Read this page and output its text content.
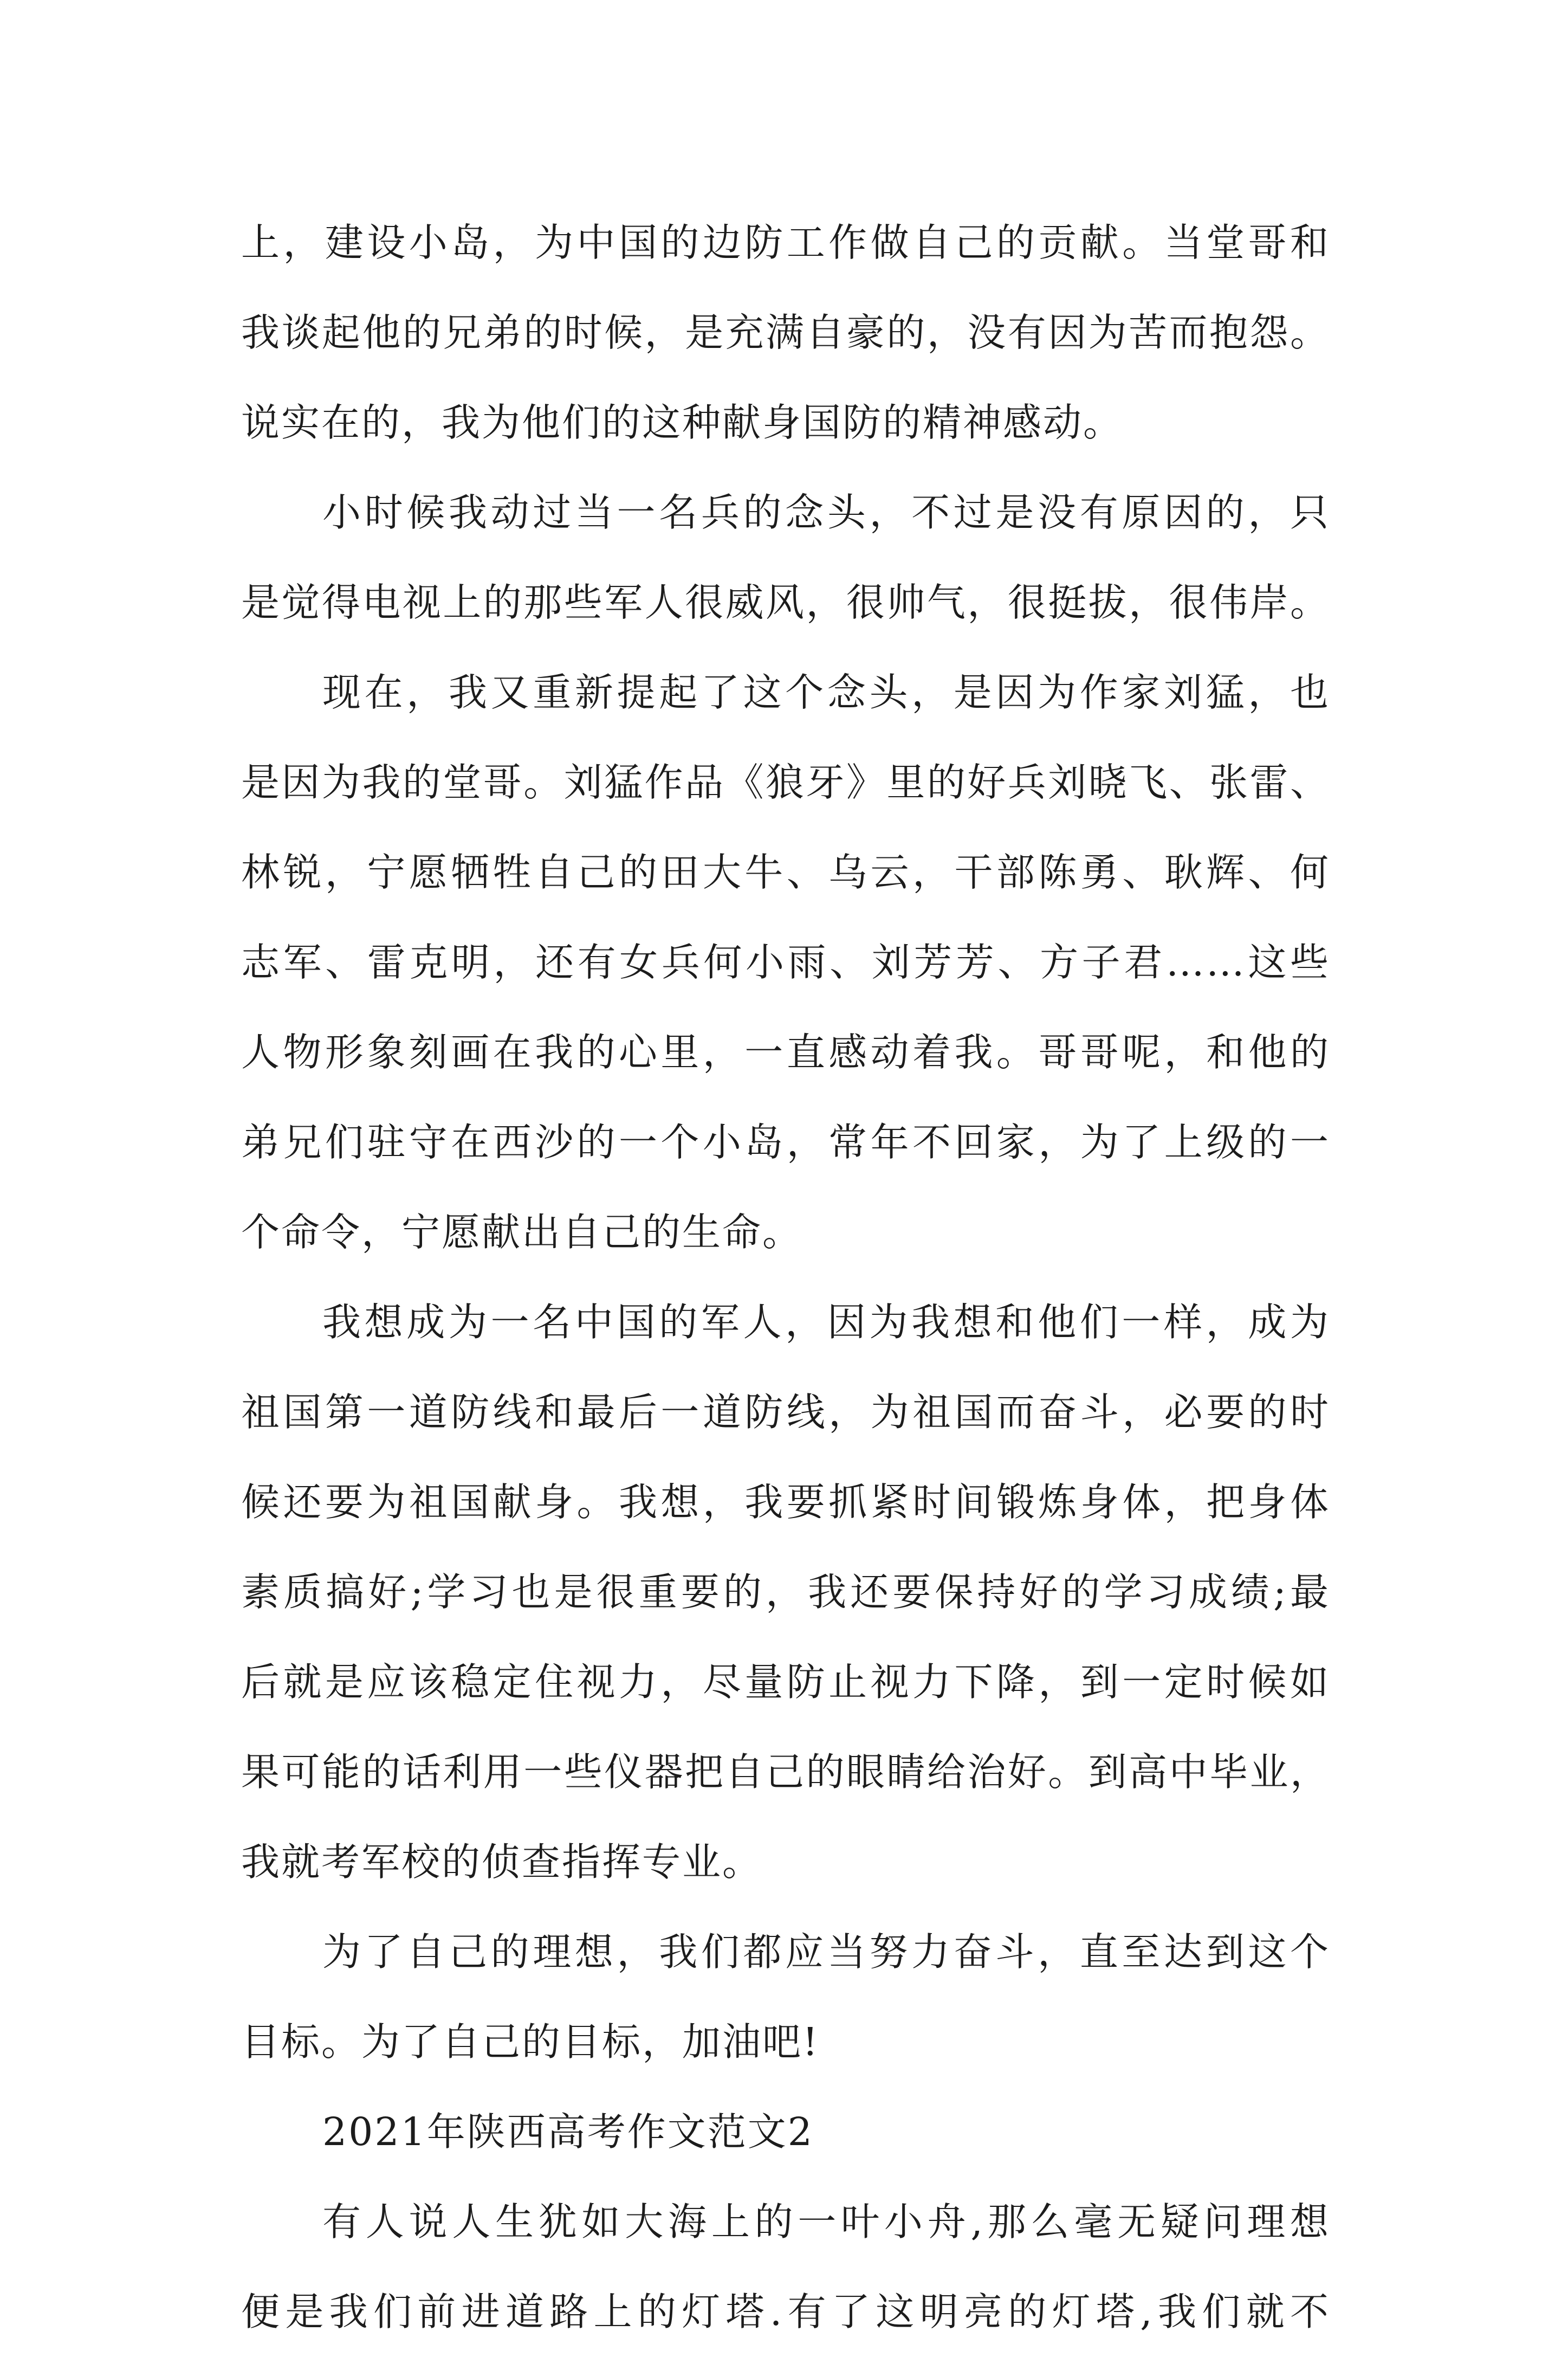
上，建设小岛，为中国的边防工作做自己的贡献。当堂哥和
我谈起他的兄弟的时候，是充满自豪的，没有因为苦而抱怨。
说实在的，我为他们的这种献身国防的精神感动。
小时候我动过当一名兵的念头，不过是没有原因的，只
是觉得电视上的那些军人很威风，很帅气，很挺拔，很伟岸。
现在，我又重新提起了这个念头，是因为作家刘猛，也
是因为我的堂哥。刘猛作品《狼牙》里的好兵刘晓飞、张雷、
林锐，宁愿牺牲自己的田大牛、乌云，干部陈勇、耿辉、何
志军、雷克明，还有女兵何小雨、刘芳芳、方子君……这些
人物形象刻画在我的心里，一直感动着我。哥哥呢，和他的
弟兄们驻守在西沙的一个小岛，常年不回家，为了上级的一
个命令，宁愿献出自己的生命。
我想成为一名中国的军人，因为我想和他们一样，成为
祖国第一道防线和最后一道防线，为祖国而奋斗，必要的时
候还要为祖国献身。我想，我要抓紧时间锻炼身体，把身体
素质搞好;学习也是很重要的，我还要保持好的学习成绩;最
后就是应该稳定住视力，尽量防止视力下降，到一定时候如
果可能的话利用一些仪器把自己的眼睛给治好。到高中毕业，
我就考军校的侦查指挥专业。
为了自己的理想，我们都应当努力奋斗，直至达到这个
目标。为了自己的目标，加油吧!
2021年陕西高考作文范文2
有人说人生犹如大海上的一叶小舟,那么毫无疑问理想
便是我们前进道路上的灯塔.有了这明亮的灯塔,我们就不
